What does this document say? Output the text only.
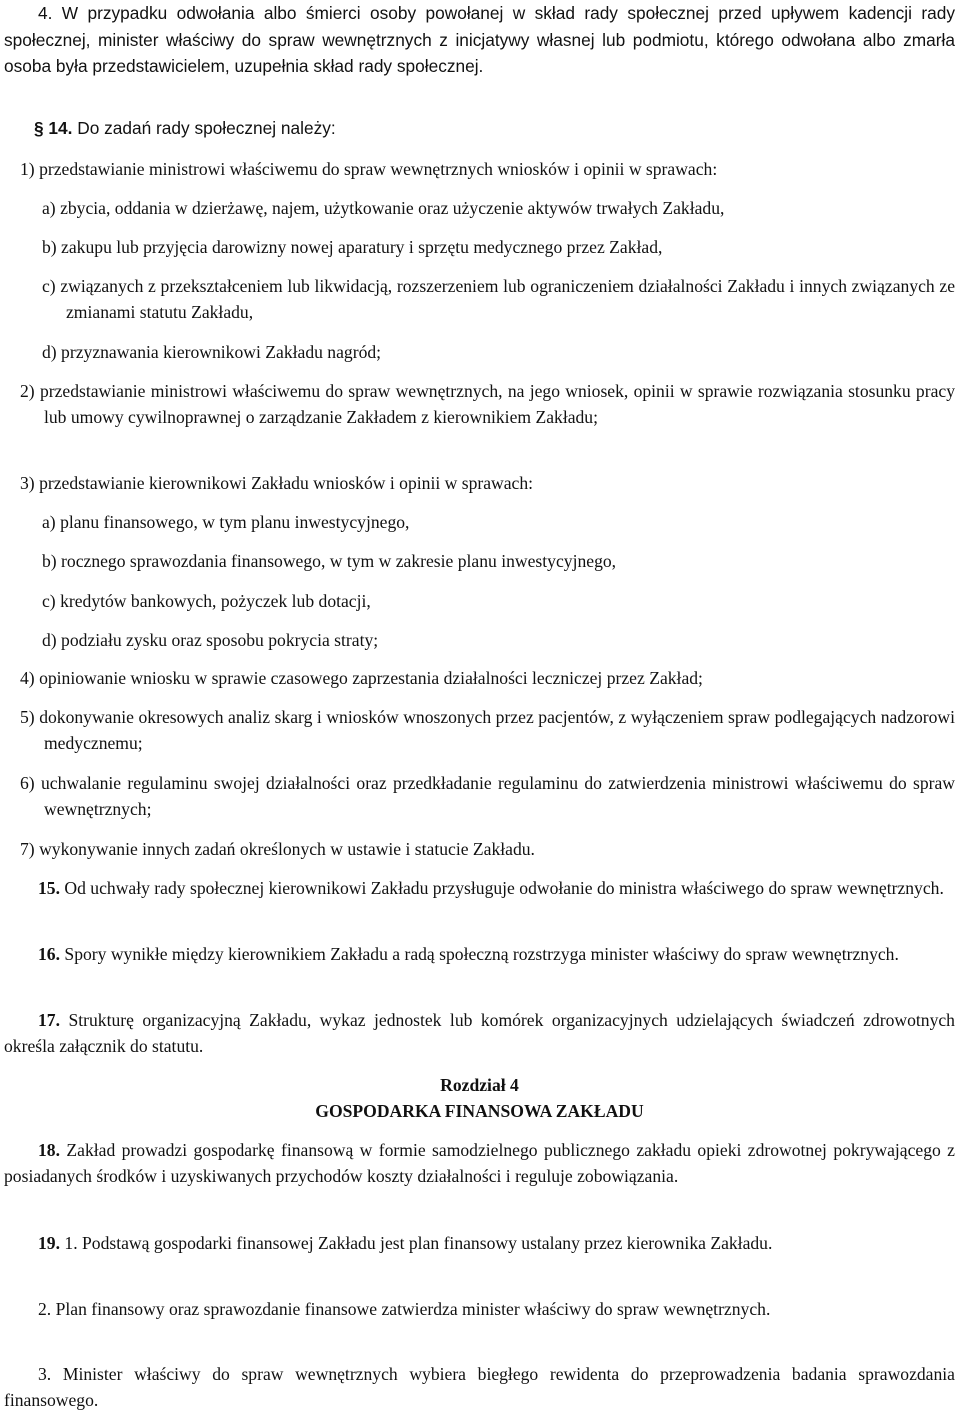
4. W przypadku odwołania albo śmierci osoby powołanej w skład rady społecznej przed upływem kadencji rady społecznej, minister właściwy do spraw wewnętrznych z inicjatywy własnej lub podmiotu, którego odwołana albo zmarła osoba była przedstawicielem, uzupełnia skład rady społecznej.

§ 14. Do zadań rady społecznej należy:

1) przedstawianie ministrowi właściwemu do spraw wewnętrznych wniosków i opinii w sprawach:

a) zbycia, oddania w dzierżawę, najem, użytkowanie oraz użyczenie aktywów trwałych Zakładu,

b) zakupu lub przyjęcia darowizny nowej aparatury i sprzętu medycznego przez Zakład,

c) związanych z przekształceniem lub likwidacją, rozszerzeniem lub ograniczeniem działalności Zakładu i innych związanych ze zmianami statutu Zakładu,

d) przyznawania kierownikowi Zakładu nagród;

2) przedstawianie ministrowi właściwemu do spraw wewnętrznych, na jego wniosek, opinii w sprawie rozwiązania stosunku pracy lub umowy cywilnoprawnej o zarządzanie Zakładem z kierownikiem Zakładu;

3) przedstawianie kierownikowi Zakładu wniosków i opinii w sprawach:

a) planu finansowego, w tym planu inwestycyjnego,

b) rocznego sprawozdania finansowego, w tym w zakresie planu inwestycyjnego,

c) kredytów bankowych, pożyczek lub dotacji,

d) podziału zysku oraz sposobu pokrycia straty;

4) opiniowanie wniosku w sprawie czasowego zaprzestania działalności leczniczej przez Zakład;

5) dokonywanie okresowych analiz skarg i wniosków wnoszonych przez pacjentów, z wyłączeniem spraw podlegających nadzorowi medycznemu;

6) uchwalanie regulaminu swojej działalności oraz przedkładanie regulaminu do zatwierdzenia ministrowi właściwemu do spraw wewnętrznych;

7) wykonywanie innych zadań określonych w ustawie i statucie Zakładu.

15. Od uchwały rady społecznej kierownikowi Zakładu przysługuje odwołanie do ministra właściwego do spraw wewnętrznych.

16. Spory wynikłe między kierownikiem Zakładu a radą społeczną rozstrzyga minister właściwy do spraw wewnętrznych.

17. Strukturę organizacyjną Zakładu, wykaz jednostek lub komórek organizacyjnych udzielających świadczeń zdrowotnych określa załącznik do statutu.

Rozdział 4

GOSPODARKA FINANSOWA ZAKŁADU

18. Zakład prowadzi gospodarkę finansową w formie samodzielnego publicznego zakładu opieki zdrowotnej pokrywającego z posiadanych środków i uzyskiwanych przychodów koszty działalności i reguluje zobowiązania.

19. 1. Podstawą gospodarki finansowej Zakładu jest plan finansowy ustalany przez kierownika Zakładu.

2. Plan finansowy oraz sprawozdanie finansowe zatwierdza minister właściwy do spraw wewnętrznych.

3. Minister właściwy do spraw wewnętrznych wybiera biegłego rewidenta do przeprowadzenia badania sprawozdania finansowego.
